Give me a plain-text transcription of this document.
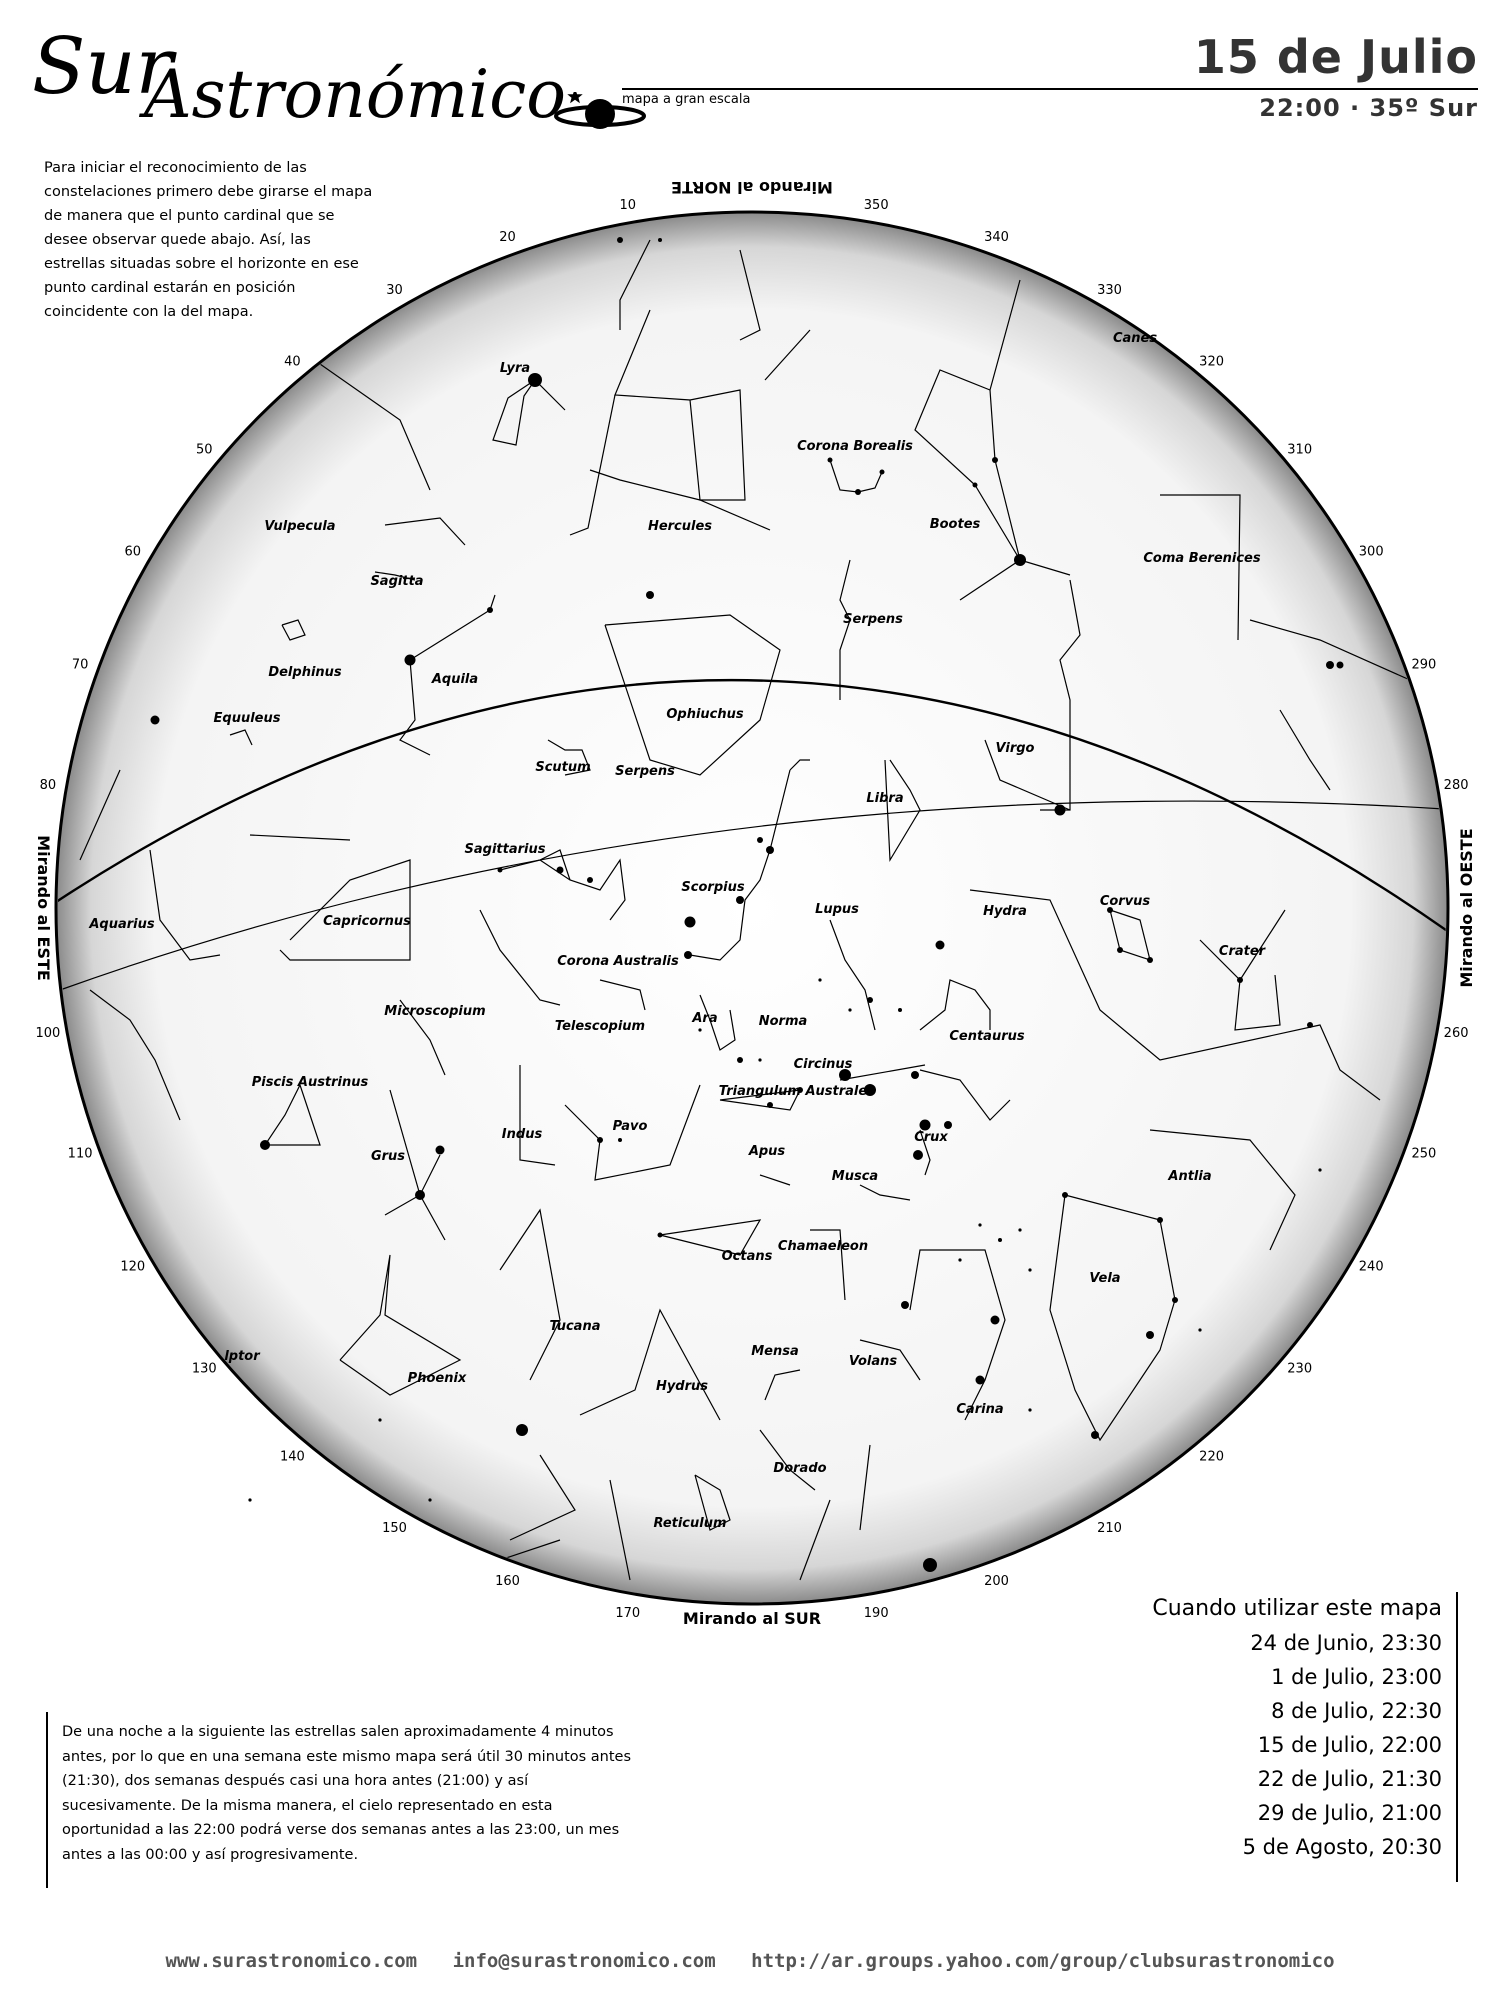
Sur
Astronómico	mapa a gran escala
15 de Julio
22:00 · 35º Sur
Para iniciar el reconocimiento de las
constelaciones primero debe girarse el mapa
de manera que el punto cardinal que se
desee observar quede abajo. Así, las
estrellas situadas sobre el horizonte en ese
punto cardinal estarán en posición
coincidente con la del mapa.
Mirando al NORTE
Mirando al SUR
Mirando al ESTE	Mirando al OESTE
10
20
30
40
50
60
70
80
100
110
120
130
140
150
160
170	190
200
210
220
230
240
250
260
280
290
300
310
320
330
340
350
Lyra
Corona Borealis
Canes
Vulpecula	Hercules	Bootes
Coma Berenices
Sagitta
Serpens
Delphinus	Aquila
Ophiuchus
Equuleus
Virgo
Scutum Serpens
Libra
Sagittarius
Corvus
Aquarius	Capricornus
Scorpius
Lupus	Hydra
Crater
Corona Australis
Microscopium
Telescopium
Ara	Norma
Centaurus
Circinus
Piscis Austrinus
Triangulum Australe
Indus
Pavo
Crux
Grus	Apus
Musca	Antlia
Octans
Chamaeleon
Vela
Tucana
Mensa
Phoenix
Hydrus
Volans
Carina
Dorado
Reticulum
lptor
Cuando utilizar este mapa
24 de Junio, 23:30
1 de Julio, 23:00
8 de Julio, 22:30
15 de Julio, 22:00
22 de Julio, 21:30
29 de Julio, 21:00
5 de Agosto, 20:30
De una noche a la siguiente las estrellas salen aproximadamente 4 minutos
antes, por lo que en una semana este mismo mapa será útil 30 minutos antes
(21:30), dos semanas después casi una hora antes (21:00) y así
sucesivamente. De la misma manera, el cielo representado en esta
oportunidad a las 22:00 podrá verse dos semanas antes a las 23:00, un mes
antes a las 00:00 y así progresivamente.
www.surastronomico.com info@surastronomico.com http://ar.groups.yahoo.com/group/clubsurastronomico
